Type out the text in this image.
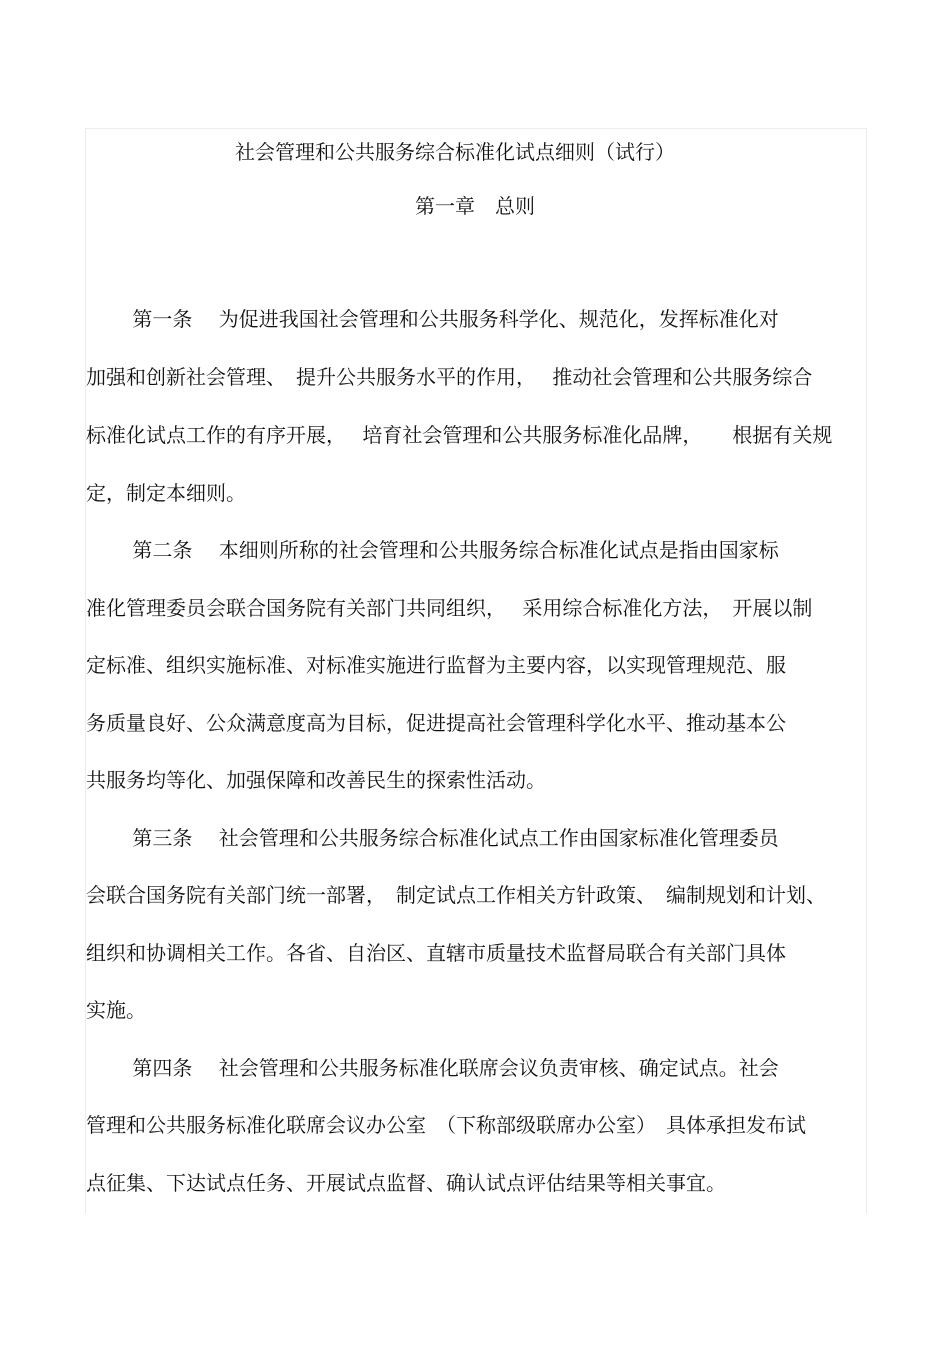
社会管理和公共服务综合标准化试点细则（试行）
第一章　总则
　　 第一条　 为促进我国社会管理和公共服务科学化、规范化，发挥标准化对
加强和创新社会管理、　提升公共服务水平的作用，　 推动社会管理和公共服务综合
标准化试点工作的有序开展，　 培育社会管理和公共服务标准化品牌，　　根据有关规
定，制定本细则。
　　 第二条　 本细则所称的社会管理和公共服务综合标准化试点是指由国家标
准化管理委员会联合国务院有关部门共同组织，　 采用综合标准化方法，　开展以制
定标准、组织实施标准、对标准实施进行监督为主要内容，以实现管理规范、服
务质量良好、公众满意度高为目标，促进提高社会管理科学化水平、推动基本公
共服务均等化、加强保障和改善民生的探索性活动。
　　 第三条　 社会管理和公共服务综合标准化试点工作由国家标准化管理委员
会联合国务院有关部门统一部署，　制定试点工作相关方针政策、　编制规划和计划、
组织和协调相关工作。各省、自治区、直辖市质量技术监督局联合有关部门具体
实施。
　　 第四条　 社会管理和公共服务标准化联席会议负责审核、确定试点。社会
管理和公共服务标准化联席会议办公室　（下称部级联席办公室）　具体承担发布试
点征集、下达试点任务、开展试点监督、确认试点评估结果等相关事宜。
